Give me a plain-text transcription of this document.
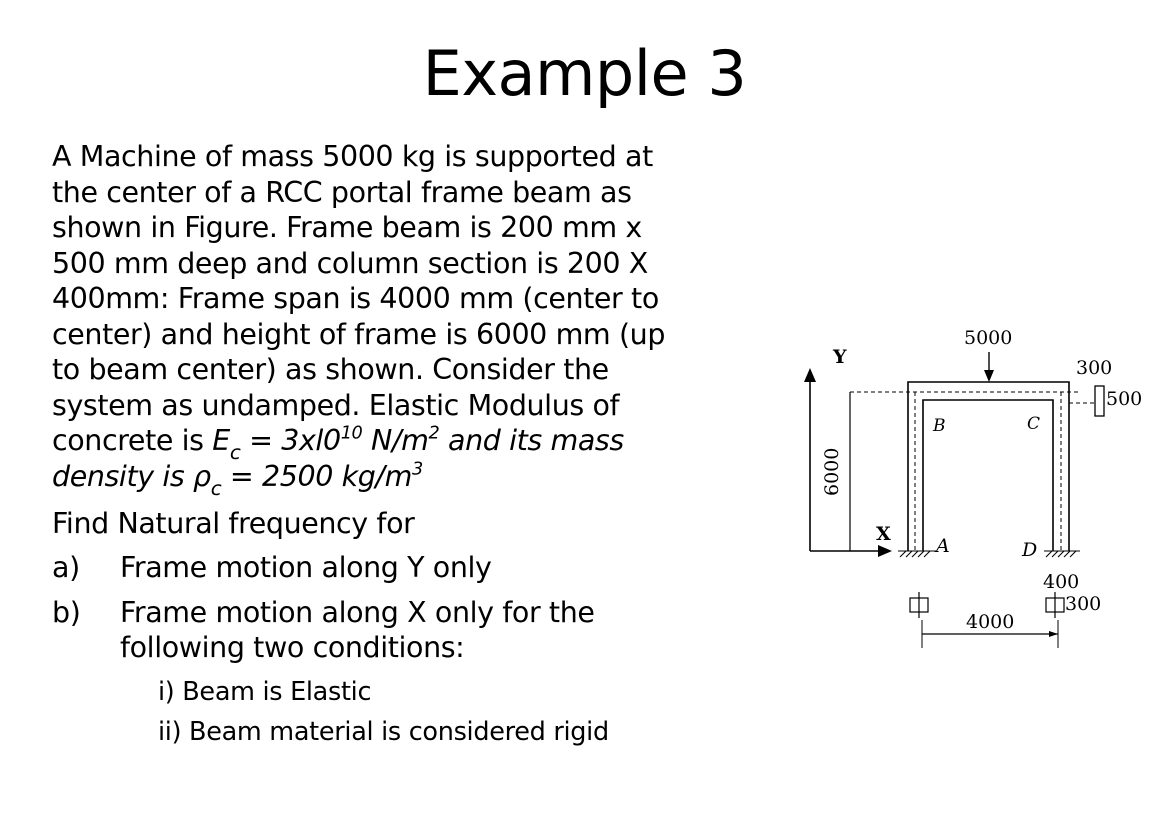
Example 3
A Machine of mass 5000 kg is supported at
the center of a RCC portal frame beam as
shown in Figure. Frame beam is 200 mm x
500 mm deep and column section is 200 X
400mm: Frame span is 4000 mm (center to
center) and height of frame is 6000 mm (up
to beam center) as shown. Consider the
system as undamped. Elastic Modulus of
concrete is $E_c = 3xl0^{10}$ $N/m^2$ and its mass
density is $\rho_c = 2500$ $kg/m^3$
Find Natural frequency for
a) Frame motion along Y only
b) Frame motion along X only for the
following two conditions:
i) Beam is Elastic
ii) Beam material is considered rigid
5000
Y	300
500
B	C
6000
X
A	D
400
300
4000
